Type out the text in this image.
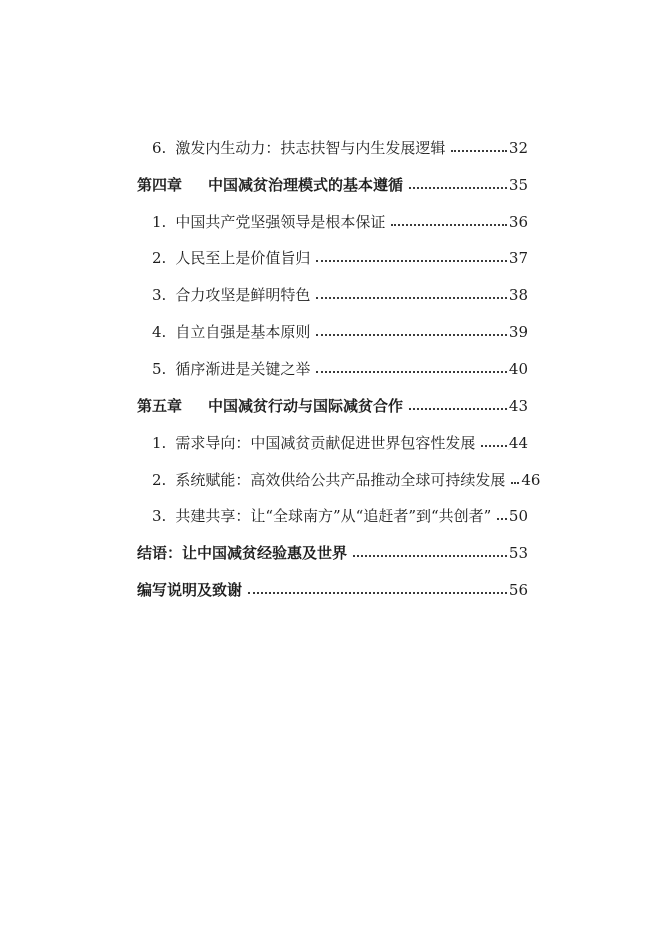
6. 激发内生动力：扶志扶智与内生发展逻辑	32
第四章 中国减贫治理模式的基本遵循	35
1. 中国共产党坚强领导是根本保证	36
2. 人民至上是价值旨归	37
3. 合力攻坚是鲜明特色	38
4. 自立自强是基本原则	39
5. 循序渐进是关键之举	40
第五章 中国减贫行动与国际减贫合作	43
1. 需求导向：中国减贫贡献促进世界包容性发展 44
2. 系统赋能：高效供给公共产品推动全球可持续发展 46
3. 共建共享：让“全球南方”从“追赶者”到“共创者” 50
结语：让中国减贫经验惠及世界	53
编写说明及致谢	56
